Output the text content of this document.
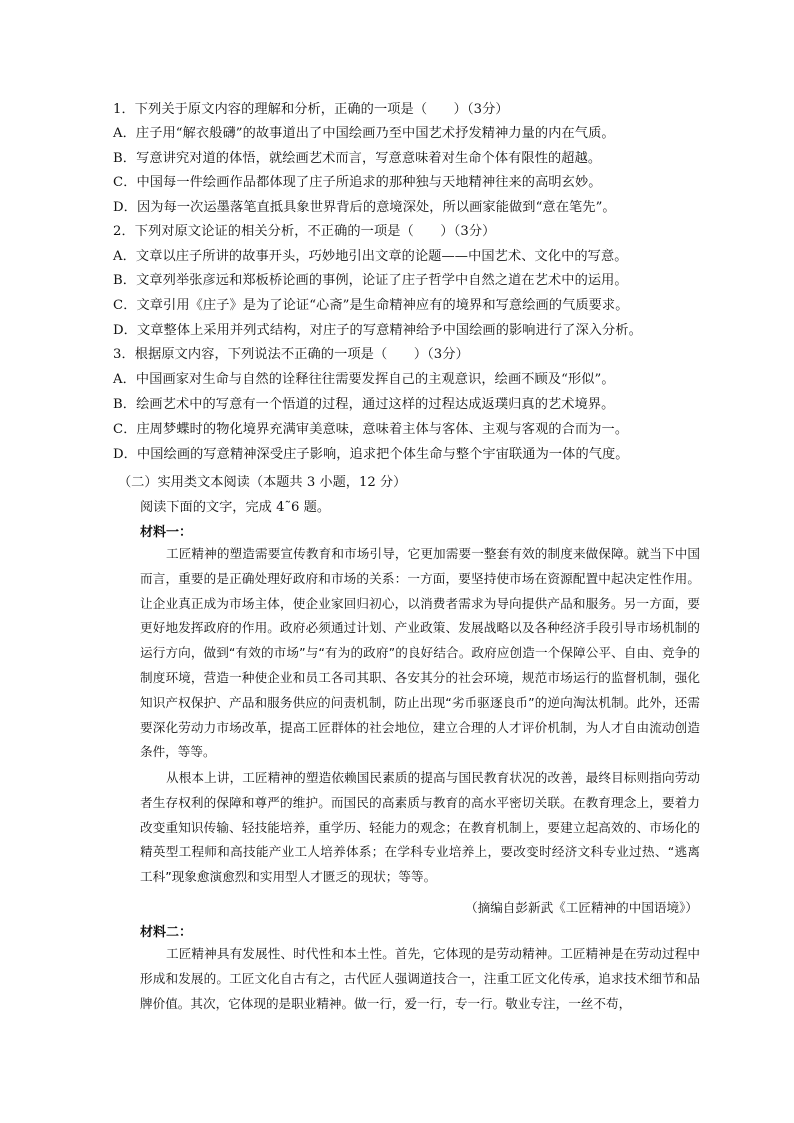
1．下列关于原文内容的理解和分析，正确的一项是（　　）（3分）
A．庄子用“解衣般礴”的故事道出了中国绘画乃至中国艺术抒发精神力量的内在气质。
B．写意讲究对道的体悟，就绘画艺术而言，写意意味着对生命个体有限性的超越。
C．中国每一件绘画作品都体现了庄子所追求的那种独与天地精神往来的高明玄妙。
D．因为每一次运墨落笔直抵具象世界背后的意境深处，所以画家能做到“意在笔先”。
2．下列对原文论证的相关分析，不正确的一项是（　　）（3分）
A．文章以庄子所讲的故事开头，巧妙地引出文章的论题——中国艺术、文化中的写意。
B．文章列举张彦远和郑板桥论画的事例，论证了庄子哲学中自然之道在艺术中的运用。
C．文章引用《庄子》是为了论证“心斋”是生命精神应有的境界和写意绘画的气质要求。
D．文章整体上采用并列式结构，对庄子的写意精神给予中国绘画的影响进行了深入分析。
3．根据原文内容，下列说法不正确的一项是（　　）（3分）
A．中国画家对生命与自然的诠释往往需要发挥自己的主观意识，绘画不顾及“形似”。
B．绘画艺术中的写意有一个悟道的过程，通过这样的过程达成返璞归真的艺术境界。
C．庄周梦蝶时的物化境界充满审美意味，意味着主体与客体、主观与客观的合而为一。
D．中国绘画的写意精神深受庄子影响，追求把个体生命与整个宇宙联通为一体的气度。
（二）实用类文本阅读（本题共 3 小题，12 分）
阅读下面的文字，完成 4˜6 题。
材料一：
工匠精神的塑造需要宣传教育和市场引导，它更加需要一整套有效的制度来做保障。就当下中国而言，重要的是正确处理好政府和市场的关系：一方面，要坚持使市场在资源配置中起决定性作用。让企业真正成为市场主体，使企业家回归初心，以消费者需求为导向提供产品和服务。另一方面，要更好地发挥政府的作用。政府必须通过计划、产业政策、发展战略以及各种经济手段引导市场机制的运行方向，做到“有效的市场”与“有为的政府”的良好结合。政府应创造一个保障公平、自由、竞争的制度环境，营造一种使企业和员工各司其职、各安其分的社会环境，规范市场运行的监督机制，强化知识产权保护、产品和服务供应的问责机制，防止出现“劣币驱逐良币”的逆向淘汰机制。此外，还需要深化劳动力市场改革，提高工匠群体的社会地位，建立合理的人才评价机制，为人才自由流动创造条件，等等。
从根本上讲，工匠精神的塑造依赖国民素质的提高与国民教育状况的改善，最终目标则指向劳动者生存权利的保障和尊严的维护。而国民的高素质与教育的高水平密切关联。在教育理念上，要着力改变重知识传输、轻技能培养，重学历、轻能力的观念；在教育机制上，要建立起高效的、市场化的精英型工程师和高技能产业工人培养体系；在学科专业培养上，要改变时经济文科专业过热、“逃离工科”现象愈演愈烈和实用型人才匮乏的现状；等等。
（摘编自彭新武《工匠精神的中国语境》）
材料二：
工匠精神具有发展性、时代性和本土性。首先，它体现的是劳动精神。工匠精神是在劳动过程中形成和发展的。工匠文化自古有之，古代匠人强调道技合一，注重工匠文化传承，追求技术细节和品牌价值。其次，它体现的是职业精神。做一行，爱一行，专一行。敬业专注，一丝不苟，
